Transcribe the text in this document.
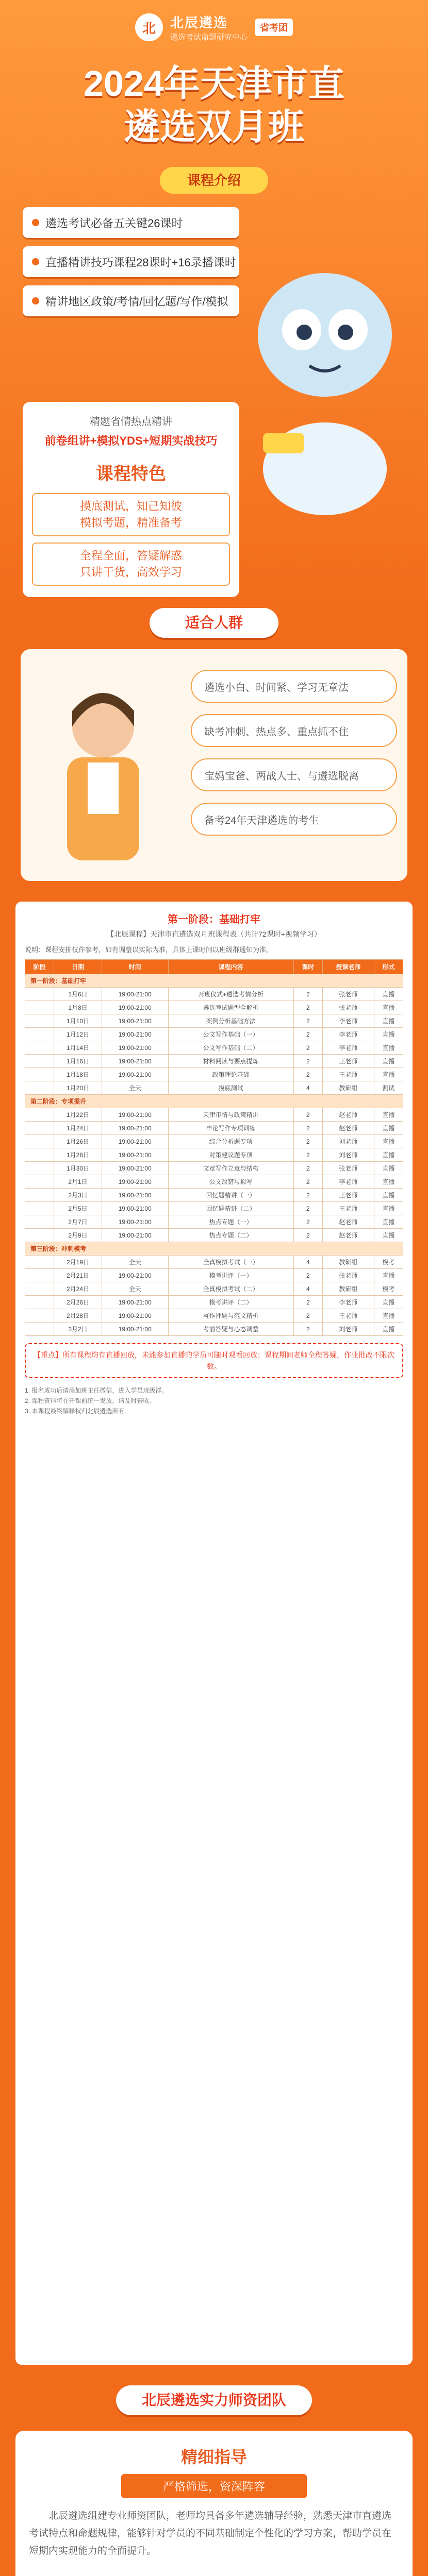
北	北辰遴选
遴选考试命题研究中心
省考团
2024年天津市直
遴选双月班
课程介绍
遴选考试必备五关键26课时
直播精讲技巧课程28课时+16录播课时
精讲地区政策/考情/回忆题/写作/模拟
精题省情热点精讲
前卷组讲+模拟YDS+短期实战技巧
课程特色
摸底测试，知己知彼
模拟考题，精准备考
全程全面，答疑解惑
只讲干货，高效学习
适合人群
遴选小白、时间紧、学习无章法
缺考冲刺、热点多、重点抓不住
宝妈宝爸、两战人士、与遴选脱离
备考24年天津遴选的考生
第一阶段：基础打牢
【北辰课程】天津市直遴选双月班课程表（共计72课时+视频学习）
说明：课程安排仅作参考，如有调整以实际为准，具体上课时间以班级群通知为准。
阶段	日期	时间	课程内容	课时	授课老师	形式
第一阶段：基础打牢						
	1月6日	19:00-21:00	开班仪式+遴选考情分析	2	张老师	直播
	1月8日	19:00-21:00	遴选考试题型全解析	2	张老师	直播
	1月10日	19:00-21:00	案例分析基础方法	2	李老师	直播
	1月12日	19:00-21:00	公文写作基础（一）	2	李老师	直播
	1月14日	19:00-21:00	公文写作基础（二）	2	李老师	直播
	1月16日	19:00-21:00	材料阅读与要点提炼	2	王老师	直播
	1月18日	19:00-21:00	政策理论基础	2	王老师	直播
	1月20日	全天	摸底测试	4	教研组	测试
第二阶段：专项提升						
	1月22日	19:00-21:00	天津市情与政策精讲	2	赵老师	直播
	1月24日	19:00-21:00	申论写作专项训练	2	赵老师	直播
	1月26日	19:00-21:00	综合分析题专项	2	刘老师	直播
	1月28日	19:00-21:00	对策建议题专项	2	刘老师	直播
	1月30日	19:00-21:00	文章写作立意与结构	2	张老师	直播
	2月1日	19:00-21:00	公文改错与拟写	2	李老师	直播
	2月3日	19:00-21:00	回忆题精讲（一）	2	王老师	直播
	2月5日	19:00-21:00	回忆题精讲（二）	2	王老师	直播
	2月7日	19:00-21:00	热点专题（一）	2	赵老师	直播
	2月9日	19:00-21:00	热点专题（二）	2	赵老师	直播
第三阶段：冲刺模考						
	2月19日	全天	全真模拟考试（一）	4	教研组	模考
	2月21日	19:00-21:00	模考讲评（一）	2	张老师	直播
	2月24日	全天	全真模拟考试（二）	4	教研组	模考
	2月26日	19:00-21:00	模考讲评（二）	2	李老师	直播
	2月28日	19:00-21:00	写作押题与范文精析	2	王老师	直播
	3月2日	19:00-21:00	考前答疑与心态调整	2	刘老师	直播
【重点】所有课程均有直播回放，未能参加直播的学员可随时观看回放；课程期间老师全程答疑，作业批改不限次数。
1. 报名成功后请添加班主任微信，进入学员班级群。
2. 课程资料将在开课前统一发放，请及时查收。
3. 本课程最终解释权归北辰遴选所有。
北辰遴选实力师资团队
精细指导
严格筛选，资深阵容
北辰遴选组建专业师资团队，老师均具备多年遴选辅导经验，熟悉天津市直遴选考试特点和命题规律，能够针对学员的不同基础制定个性化的学习方案，帮助学员在短期内实现能力的全面提升。
